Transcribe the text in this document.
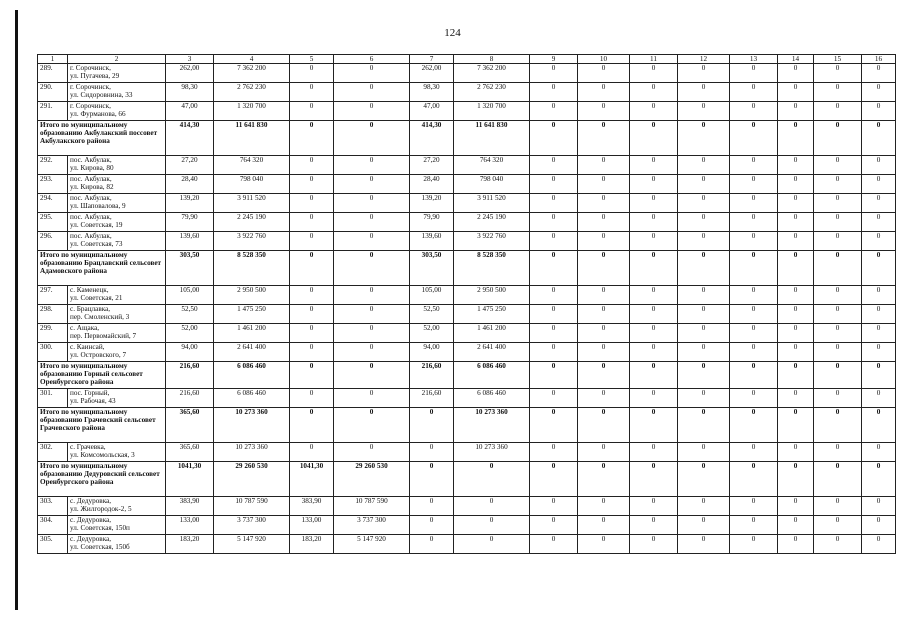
124
1	2	3	4	5	6	7	8	9	10	11	12	13	14	15	16
289.	г. Сорочинск,
ул. Пугачева, 29	262,00	7 362 200	0	0	262,00	7 362 200	0	0	0	0	0	0	0	0
290.	г. Сорочинск,
ул. Сидоровнина, 33	98,30	2 762 230	0	0	98,30	2 762 230	0	0	0	0	0	0	0	0
291.	г. Сорочинск,
ул. Фурманова, 66	47,00	1 320 700	0	0	47,00	1 320 700	0	0	0	0	0	0	0	0
Итого по муниципальному образованию Акбулакский поссовет Акбулакского района		414,30	11 641 830	0	0	414,30	11 641 830	0	0	0	0	0	0	0	0
292.	пос. Акбулак,
ул. Кирова, 80	27,20	764 320	0	0	27,20	764 320	0	0	0	0	0	0	0	0
293.	пос. Акбулак,
ул. Кирова, 82	28,40	798 040	0	0	28,40	798 040	0	0	0	0	0	0	0	0
294.	пос. Акбулак,
ул. Шаповалова, 9	139,20	3 911 520	0	0	139,20	3 911 520	0	0	0	0	0	0	0	0
295.	пос. Акбулак,
ул. Советская, 19	79,90	2 245 190	0	0	79,90	2 245 190	0	0	0	0	0	0	0	0
296.	пос. Акбулак,
ул. Советская, 73	139,60	3 922 760	0	0	139,60	3 922 760	0	0	0	0	0	0	0	0
Итого по муниципальному образованию Брацлавский сельсовет Адамовского района		303,50	8 528 350	0	0	303,50	8 528 350	0	0	0	0	0	0	0	0
297.	с. Каменецк,
ул. Советская, 21	105,00	2 950 500	0	0	105,00	2 950 500	0	0	0	0	0	0	0	0
298.	с. Брацлавка,
пер. Смоленский, 3	52,50	1 475 250	0	0	52,50	1 475 250	0	0	0	0	0	0	0	0
299.	с. Ащака,
пер. Первомайский, 7	52,00	1 461 200	0	0	52,00	1 461 200	0	0	0	0	0	0	0	0
300.	с. Каинсай,
ул. Островского, 7	94,00	2 641 400	0	0	94,00	2 641 400	0	0	0	0	0	0	0	0
Итого по муниципальному образованию Горный сельсовет Оренбургского района		216,60	6 086 460	0	0	216,60	6 086 460	0	0	0	0	0	0	0	0
301.	пос. Горный,
ул. Рабочая, 43	216,60	6 086 460	0	0	216,60	6 086 460	0	0	0	0	0	0	0	0
Итого по муниципальному образованию Грачевский сельсовет Грачевского района		365,60	10 273 360	0	0	0	10 273 360	0	0	0	0	0	0	0	0
302.	с. Грачевка,
ул. Комсомольская, 3	365,60	10 273 360	0	0	0	10 273 360	0	0	0	0	0	0	0	0
Итого по муниципальному образованию Дедуровский сельсовет Оренбургского района		1041,30	29 260 530	1041,30	29 260 530	0	0	0	0	0	0	0	0	0	0
303.	с. Дедуровка,
ул. Жилгородок-2, 5	383,90	10 787 590	383,90	10 787 590	0	0	0	0	0	0	0	0	0	0
304.	с. Дедуровка,
ул. Советская, 150п	133,00	3 737 300	133,00	3 737 300	0	0	0	0	0	0	0	0	0	0
305.	с. Дедуровка,
ул. Советская, 150б	183,20	5 147 920	183,20	5 147 920	0	0	0	0	0	0	0	0	0	0
